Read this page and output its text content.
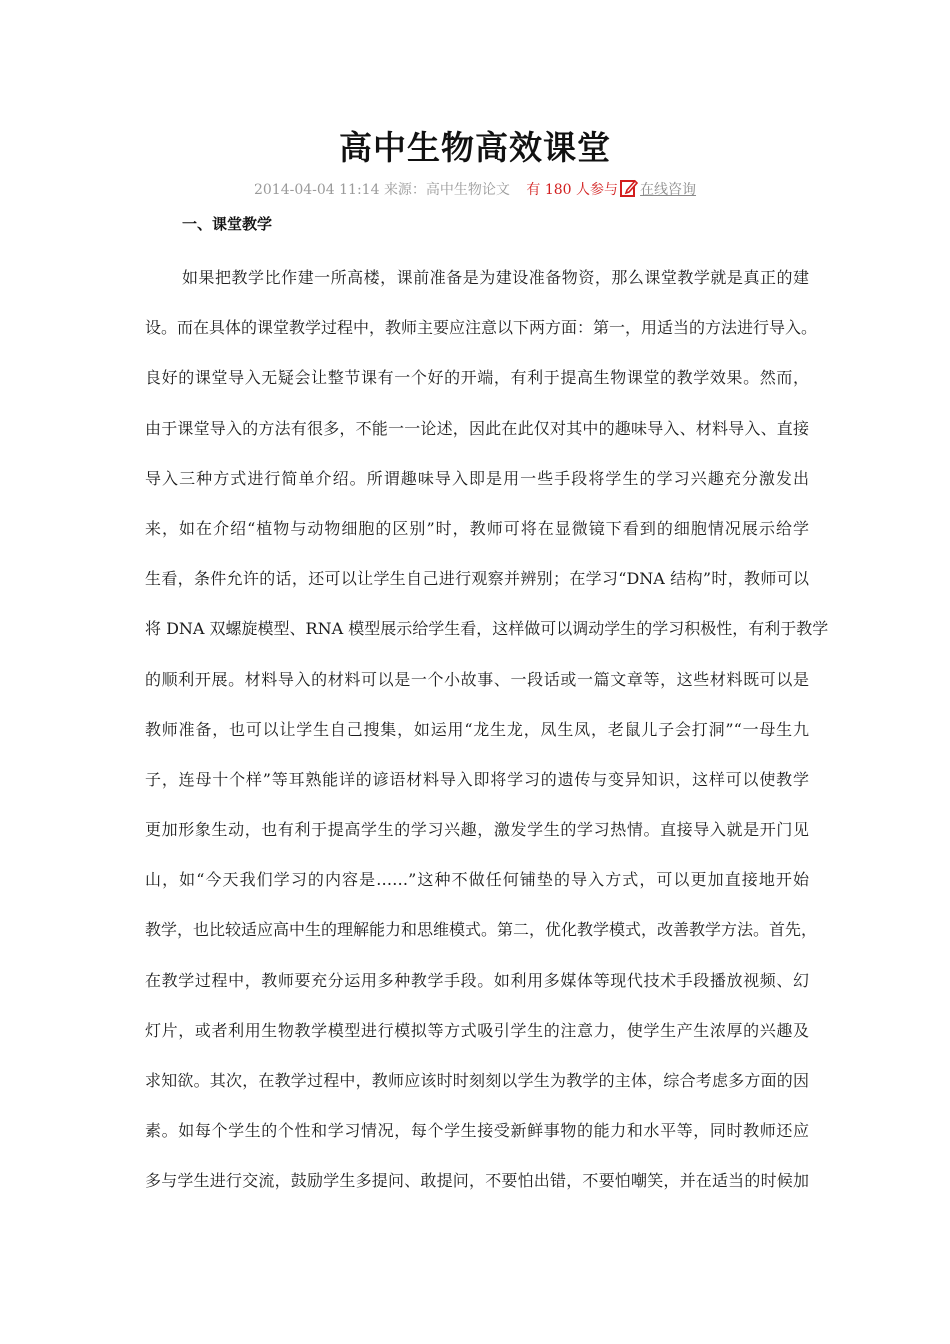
高中生物高效课堂
2014-04-04 11:14 来源：高中生物论文 有 180 人参与 在线咨询
一、课堂教学
如果把教学比作建一所高楼，课前准备是为建设准备物资，那么课堂教学就是真正的建
设。而在具体的课堂教学过程中，教师主要应注意以下两方面：第一，用适当的方法进行导入。
良好的课堂导入无疑会让整节课有一个好的开端，有利于提高生物课堂的教学效果。然而，
由于课堂导入的方法有很多，不能一一论述，因此在此仅对其中的趣味导入、材料导入、直接
导入三种方式进行简单介绍。所谓趣味导入即是用一些手段将学生的学习兴趣充分激发出
来，如在介绍“植物与动物细胞的区别”时，教师可将在显微镜下看到的细胞情况展示给学
生看，条件允许的话，还可以让学生自己进行观察并辨别；在学习“DNA 结构”时，教师可以
将 DNA 双螺旋模型、RNA 模型展示给学生看，这样做可以调动学生的学习积极性，有利于教学
的顺利开展。材料导入的材料可以是一个小故事、一段话或一篇文章等，这些材料既可以是
教师准备，也可以让学生自己搜集，如运用“龙生龙，凤生凤，老鼠儿子会打洞”“一母生九
子，连母十个样”等耳熟能详的谚语材料导入即将学习的遗传与变异知识，这样可以使教学
更加形象生动，也有利于提高学生的学习兴趣，激发学生的学习热情。直接导入就是开门见
山，如“今天我们学习的内容是……”这种不做任何铺垫的导入方式，可以更加直接地开始
教学，也比较适应高中生的理解能力和思维模式。第二，优化教学模式，改善教学方法。首先，
在教学过程中，教师要充分运用多种教学手段。如利用多媒体等现代技术手段播放视频、幻
灯片，或者利用生物教学模型进行模拟等方式吸引学生的注意力，使学生产生浓厚的兴趣及
求知欲。其次，在教学过程中，教师应该时时刻刻以学生为教学的主体，综合考虑多方面的因
素。如每个学生的个性和学习情况，每个学生接受新鲜事物的能力和水平等，同时教师还应
多与学生进行交流，鼓励学生多提问、敢提问，不要怕出错，不要怕嘲笑，并在适当的时候加
